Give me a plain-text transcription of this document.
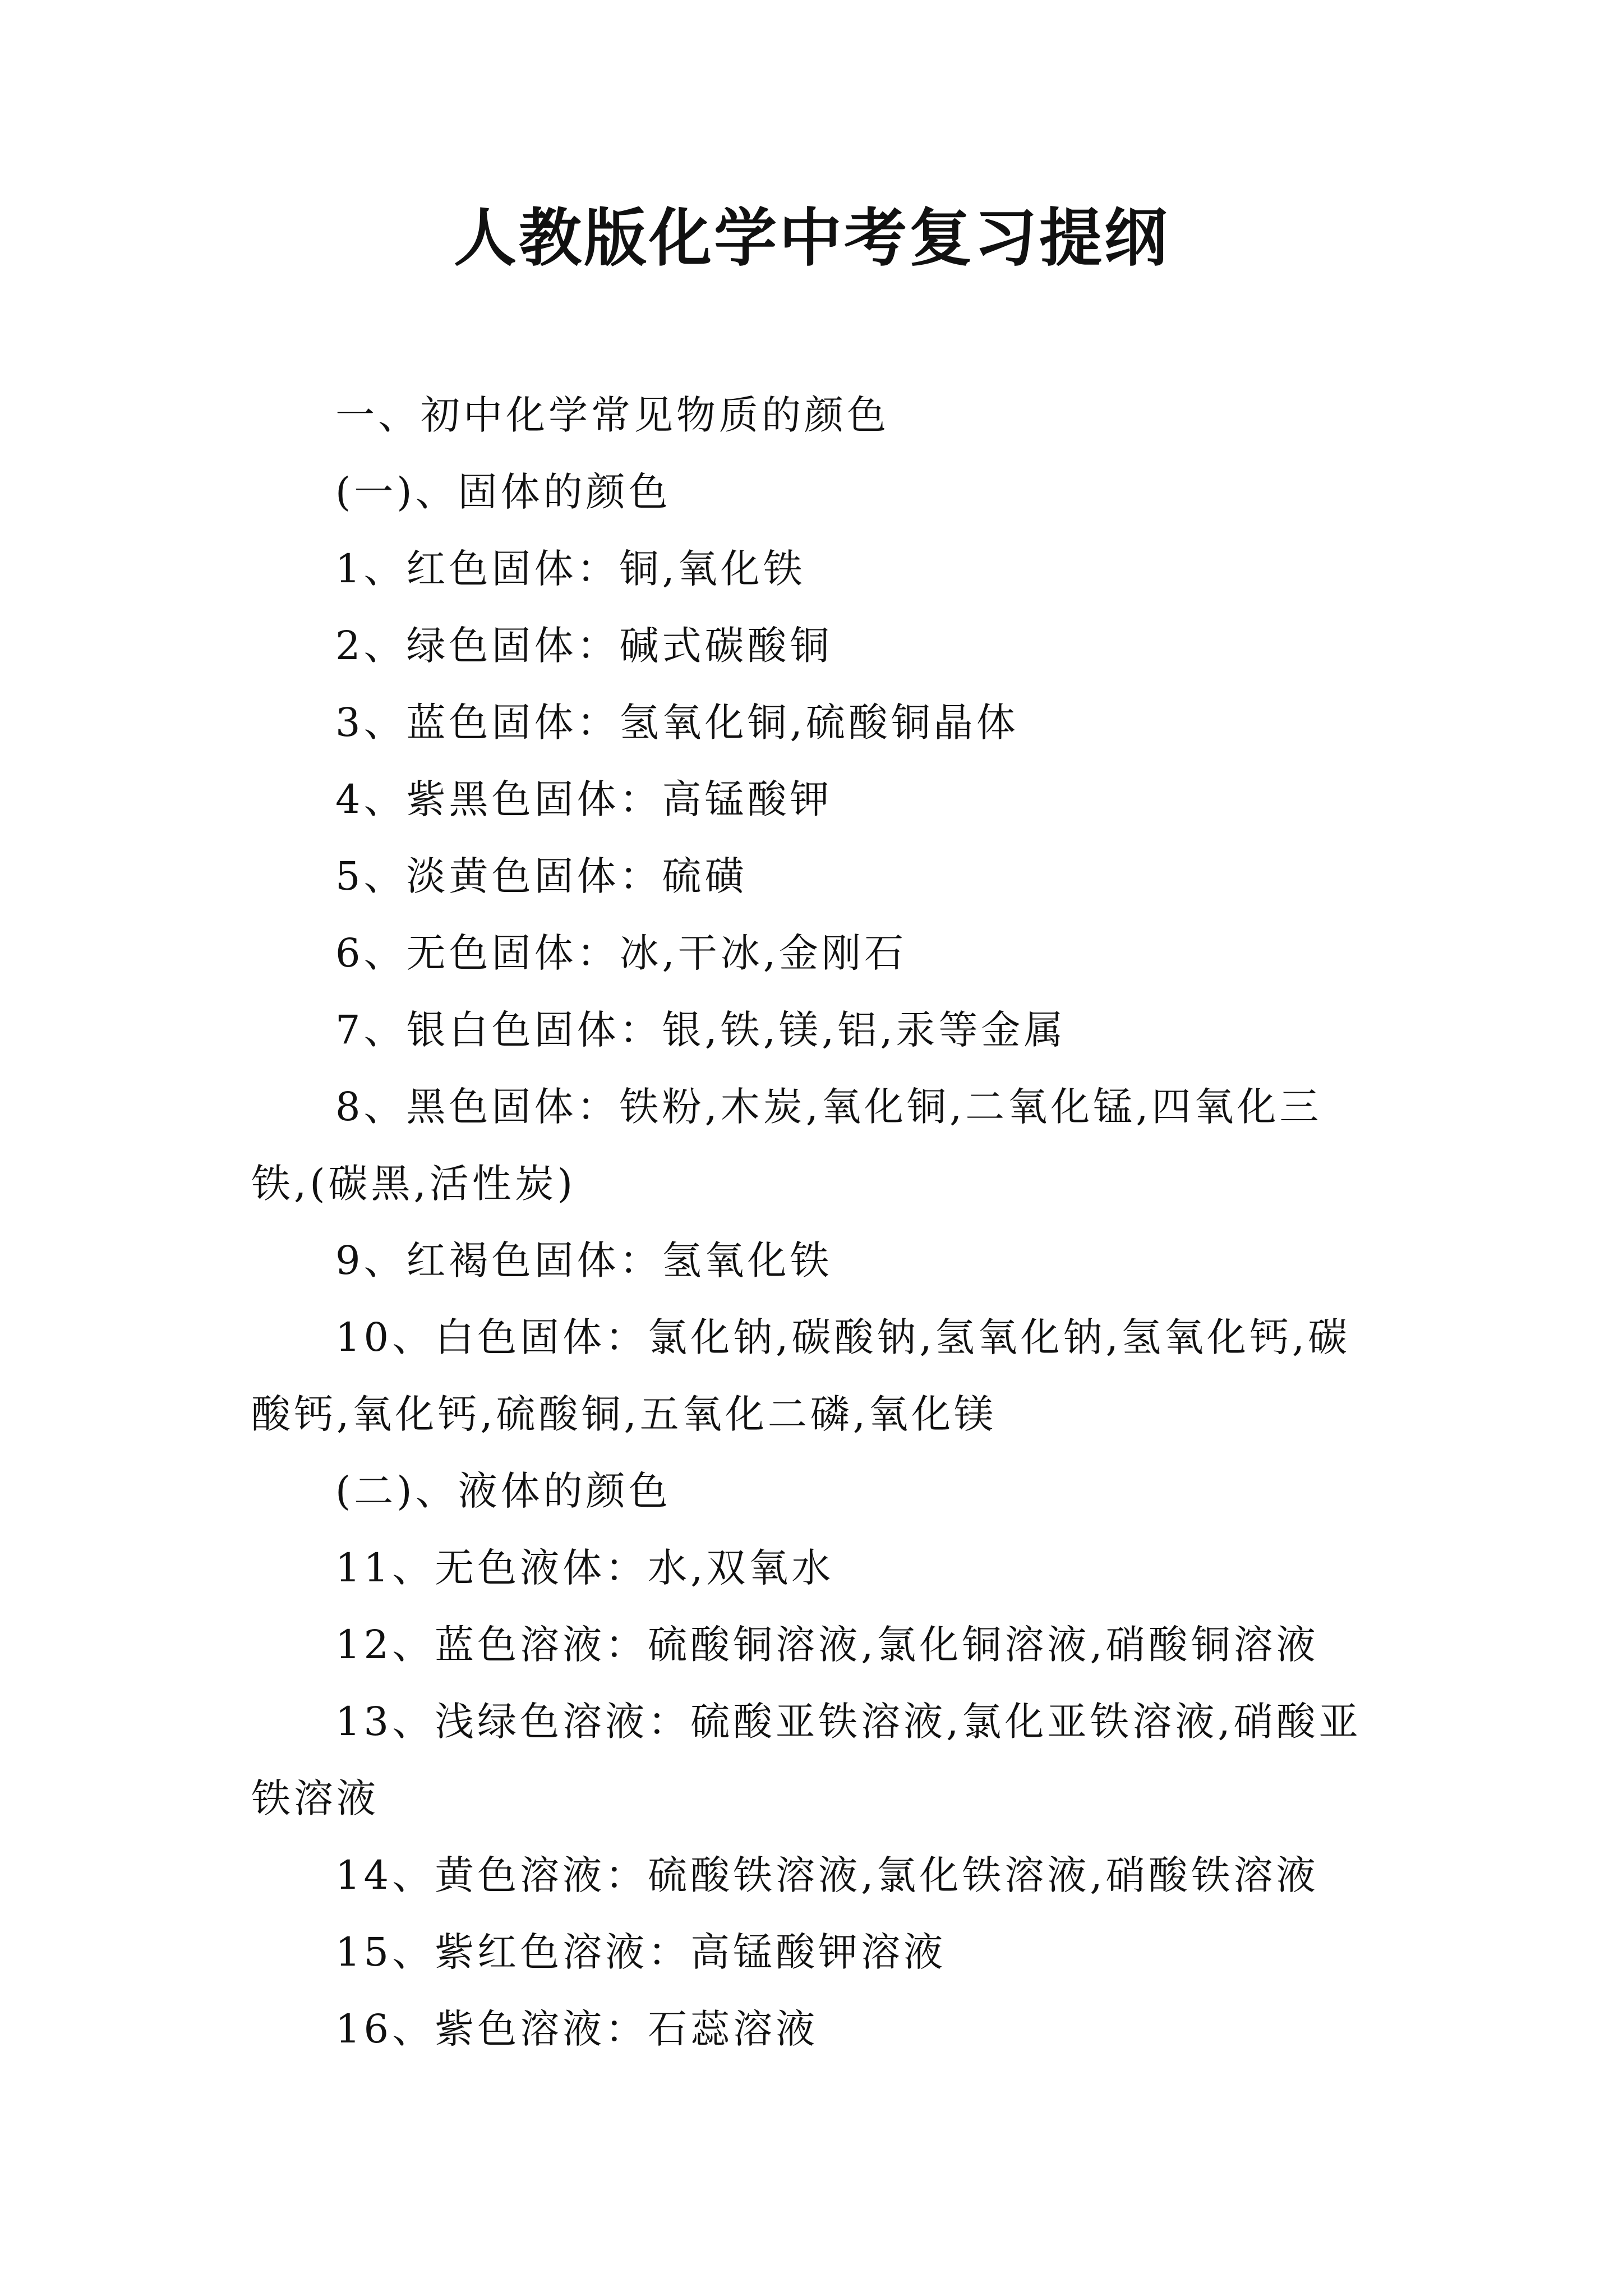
人教版化学中考复习提纲

一、初中化学常见物质的颜色

(一)、固体的颜色

1、红色固体：铜,氧化铁

2、绿色固体：碱式碳酸铜

3、蓝色固体：氢氧化铜,硫酸铜晶体

4、紫黑色固体：高锰酸钾

5、淡黄色固体：硫磺

6、无色固体：冰,干冰,金刚石

7、银白色固体：银,铁,镁,铝,汞等金属

8、黑色固体：铁粉,木炭,氧化铜,二氧化锰,四氧化三

铁,(碳黑,活性炭)

9、红褐色固体：氢氧化铁

10、白色固体：氯化钠,碳酸钠,氢氧化钠,氢氧化钙,碳

酸钙,氧化钙,硫酸铜,五氧化二磷,氧化镁

(二)、液体的颜色

11、无色液体：水,双氧水

12、蓝色溶液：硫酸铜溶液,氯化铜溶液,硝酸铜溶液

13、浅绿色溶液：硫酸亚铁溶液,氯化亚铁溶液,硝酸亚

铁溶液

14、黄色溶液：硫酸铁溶液,氯化铁溶液,硝酸铁溶液

15、紫红色溶液：高锰酸钾溶液

16、紫色溶液：石蕊溶液
